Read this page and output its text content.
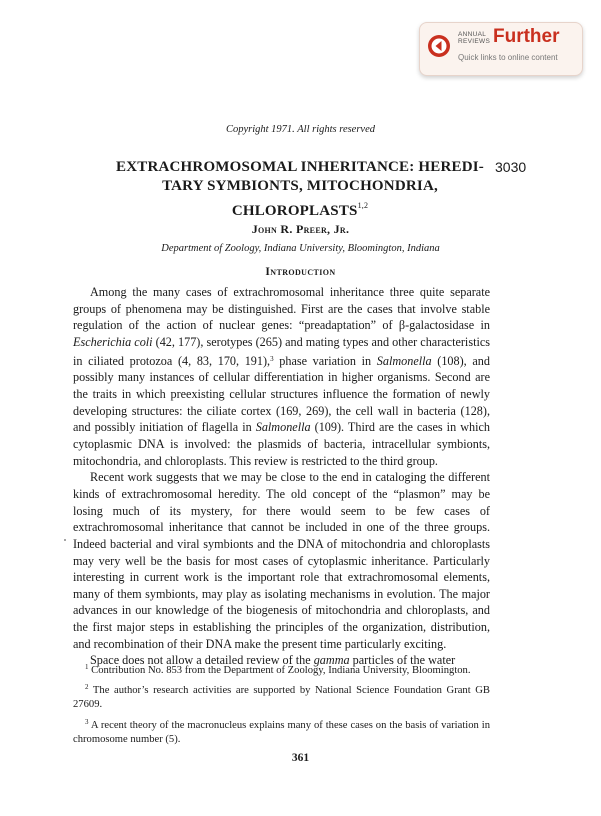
ANNUAL
REVIEWS Further
Quick links to online content
Copyright 1971. All rights reserved
EXTRACHROMOSOMAL INHERITANCE: HEREDI-
TARY SYMBIONTS, MITOCHONDRIA,
CHLOROPLASTS$^{1,2}$
3030
John R. Preer, Jr.
Department of Zoology, Indiana University, Bloomington, Indiana
Introduction

Among the many cases of extrachromosomal inheritance three quite separate groups of phenomena may be distinguished. First are the cases that involve stable regulation of the action of nuclear genes: “preadaptation” of β-galactosidase in Escherichia coli (42, 177), serotypes (265) and mating types and other characteristics in ciliated protozoa (4, 83, 170, 191),$^3$ phase variation in Salmonella (108), and possibly many instances of cellular differentiation in higher organisms. Second are the traits in which preexisting cellular structures influence the formation of newly developing structures: the ciliate cortex (169, 269), the cell wall in bacteria (128), and possibly initiation of flagella in Salmonella (109). Third are the cases in which cytoplasmic DNA is involved: the plasmids of bacteria, intracellular symbionts, mitochondria, and chloroplasts. This review is restricted to the third group.

Recent work suggests that we may be close to the end in cataloging the different kinds of extrachromosomal heredity. The old concept of the “plasmon” may be losing much of its mystery, for there would seem to be few cases of extrachromosomal inheritance that cannot be included in one of the three groups. Indeed bacterial and viral symbionts and the DNA of mitochondria and chloroplasts may very well be the basis for most cases of cytoplasmic inheritance. Particularly interesting in current work is the important role that extrachromosomal elements, many of them symbionts, may play as isolating mechanisms in evolution. The major advances in our knowledge of the biogenesis of mitochondria and chloroplasts, and the first major steps in establishing the principles of the organization, distribution, and recombination of their DNA make the present time particularly exciting.

Space does not allow a detailed review of the gamma particles of the water

$^1$ Contribution No. 853 from the Department of Zoology, Indiana University, Bloomington.

$^2$ The author’s research activities are supported by National Science Foundation Grant GB 27609.

$^3$ A recent theory of the macronucleus explains many of these cases on the basis of variation in chromosome number (5).

361
